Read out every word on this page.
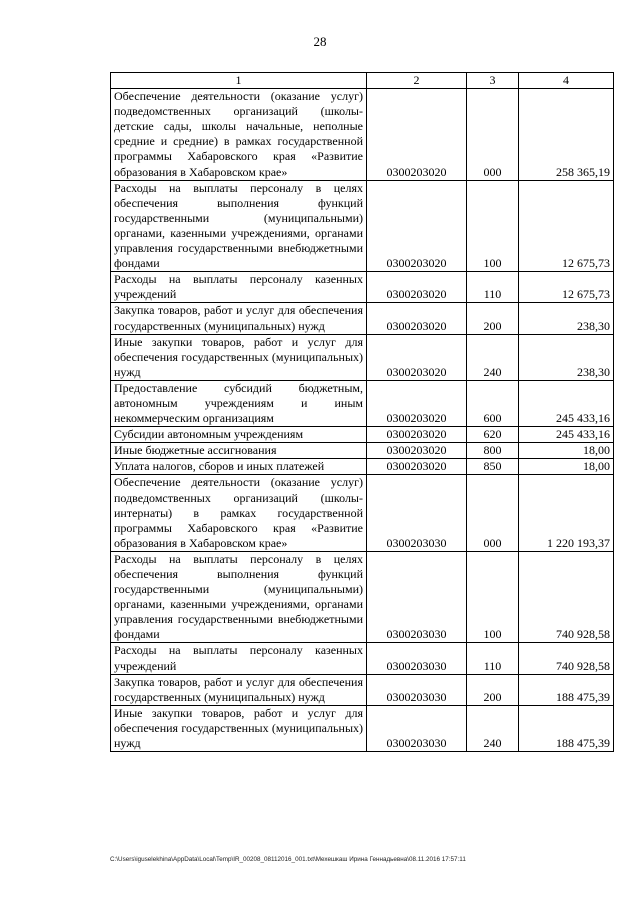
28
1	2	3	4
Обеспечение деятельности (оказание услуг) подведомственных организаций (школы-детские сады, школы начальные, неполные средние и средние) в рамках государственной программы Хабаровского края «Развитие образования в Хабаровском крае»	0300203020	000	258 365,19
Расходы на выплаты персоналу в целях обеспечения выполнения функций государственными (муниципальными) органами, казенными учреждениями, органами управления государственными внебюджетными фондами	0300203020	100	12 675,73
Расходы на выплаты персоналу казенных учреждений	0300203020	110	12 675,73
Закупка товаров, работ и услуг для обеспечения государственных (муниципальных) нужд	0300203020	200	238,30
Иные закупки товаров, работ и услуг для обеспечения государственных (муниципальных) нужд	0300203020	240	238,30
Предоставление субсидий бюджетным, автономным учреждениям и иным некоммерческим организациям	0300203020	600	245 433,16
Субсидии автономным учреждениям	0300203020	620	245 433,16
Иные бюджетные ассигнования	0300203020	800	18,00
Уплата налогов, сборов и иных платежей	0300203020	850	18,00
Обеспечение деятельности (оказание услуг) подведомственных организаций (школы-интернаты) в рамках государственной программы Хабаровского края «Развитие образования в Хабаровском крае»	0300203030	000	1 220 193,37
Расходы на выплаты персоналу в целях обеспечения выполнения функций государственными (муниципальными) органами, казенными учреждениями, органами управления государственными внебюджетными фондами	0300203030	100	740 928,58
Расходы на выплаты персоналу казенных учреждений	0300203030	110	740 928,58
Закупка товаров, работ и услуг для обеспечения государственных (муниципальных) нужд	0300203030	200	188 475,39
Иные закупки товаров, работ и услуг для обеспечения государственных (муниципальных) нужд	0300203030	240	188 475,39
C:\Users\iguselekhina\AppData\Local\Temp\IR_00208_08112016_001.txt\Мехешкаш Ирина Геннадьевна\08.11.2016 17:57:11
